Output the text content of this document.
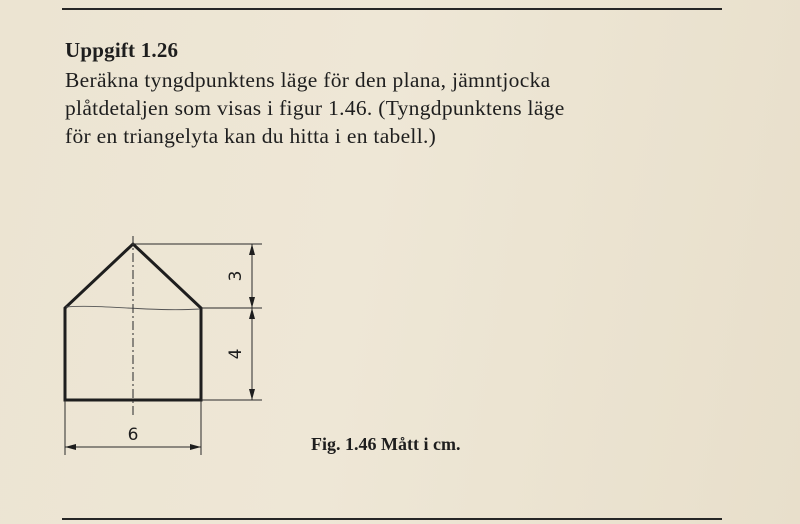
Uppgift 1.26
Beräkna tyngdpunktens läge för den plana, jämntjocka
plåtdetaljen som visas i figur 1.46. (Tyngdpunktens läge
för en triangelyta kan du hitta i en tabell.)
3
4
6	Fig. 1.46 Mått i cm.
